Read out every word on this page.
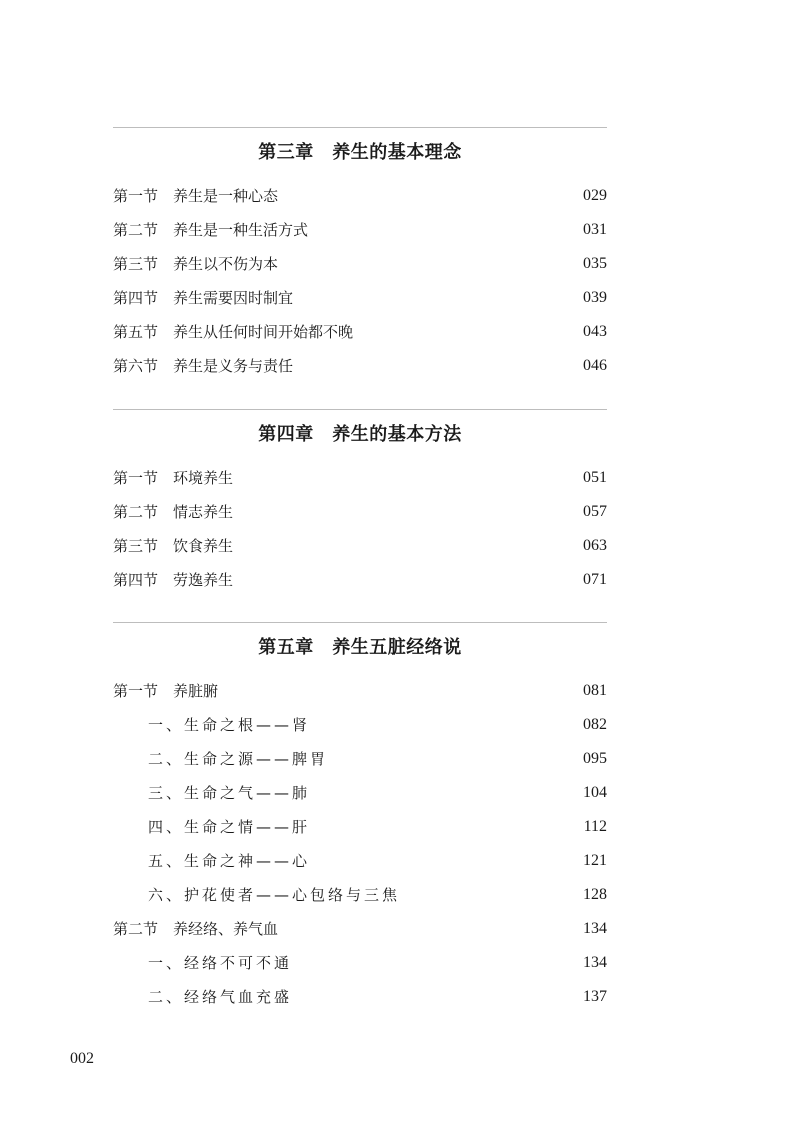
第三章　养生的基本理念
第一节　养生是一种心态	029
第二节　养生是一种生活方式	031
第三节　养生以不伤为本	035
第四节　养生需要因时制宜	039
第五节　养生从任何时间开始都不晚	043
第六节　养生是义务与责任	046
第四章　养生的基本方法
第一节　环境养生	051
第二节　情志养生	057
第三节　饮食养生	063
第四节　劳逸养生	071
第五章　养生五脏经络说
第一节　养脏腑	081
一、生命之根——肾	082
二、生命之源——脾胃	095
三、生命之气——肺	104
四、生命之情——肝	112
五、生命之神——心	121
六、护花使者——心包络与三焦	128
第二节　养经络、养气血	134
一、经络不可不通	134
二、经络气血充盛	137
002
